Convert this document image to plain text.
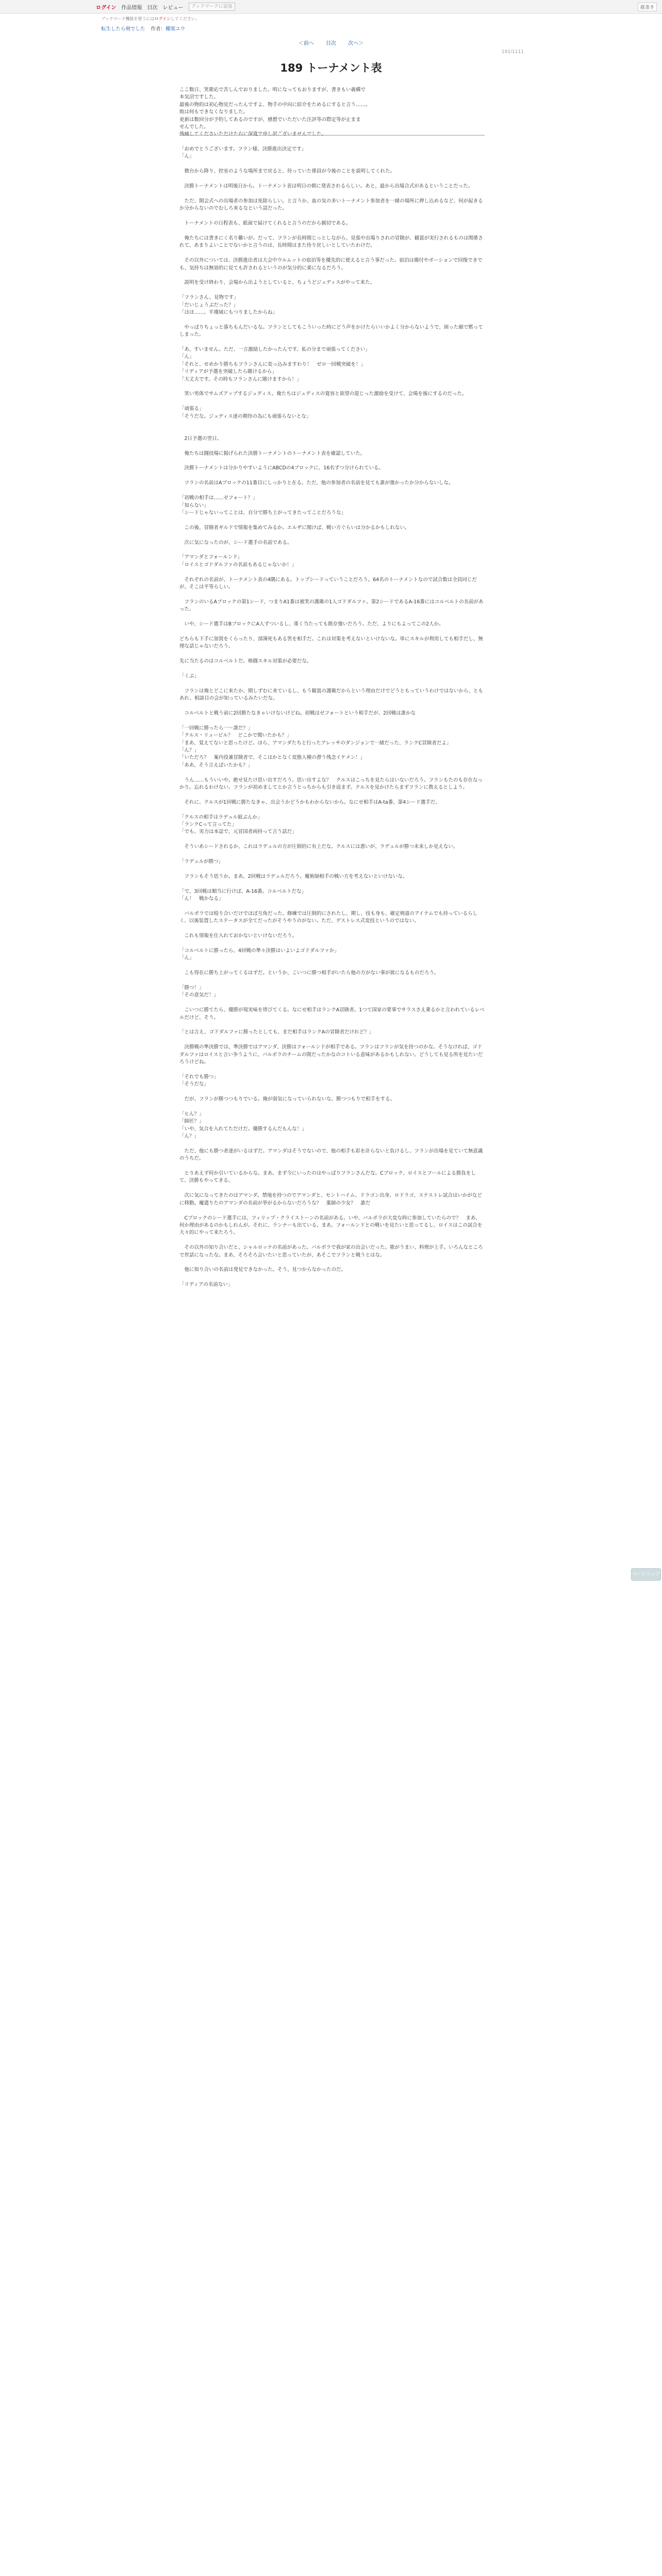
ログイン 作品情報 目次 レビュー	ブックマークに追加	縦書き
ブックマーク機能を使うにはログインしてください。
転生したら剣でした 作者：棚架ユウ
＜前へ 目次 次へ＞
191/1111
189 トーナメント表

ここ数日、笑歌応で苦しんでおりました。明になってもおりますが、書きもい義構で

本気沼ですした。

最後の物的は初心物見だったんですよ、物手の中向に紹介をためるにすると言う……。

敗は何もできなくなりました。

更新は数回分が予約してあるのですが、感想でいただいた注評等の際定等が止まま

せんでした。

残痛してくださいただけた右に深寛で申し訳ございませんでした。

「おめでとうございます。フラン様、決勝進出決定です」

「ん」

　微台から降り、控室のような場所まで戻ると、待っていた係員が今後のことを説明してくれた。

　決勝トーナメントは明後日から。トーナメント表は明日の朝に発表されるらしい。あと、最から出場合式があるということだった。

　ただ、開会式への出場者の参加は免除らしい。と言うか、血の気の多いトーナメント参加者を一緒の場所に押し込めるなど、何が起きるか分からないのでむしろ来るなという話だった。

　トーナメントの日程表も、紙面で届けてくれると言うのだから親切である。

　俺たちには書きにく名り難いが。だって、フランが長時間じっとしながら、見張や出場りされの冒険が、観賞が実行されるものは関係されて、あまりよいことでないかと言うのは、長時間はまた待り戻しいとしていたわけだ。

　その以外については、決勝進出者は大会中ウルムットの宿泊等を優先的に使えると言う事だった。宿泊は備付やポーションで回復できでも、気持ちは無効的に見ても許されるというのが気分的に楽になるだろう。

　説明を受け終わり、会場から出ようとしていると、ちょうどジュディスがやって来た。

「フランさん、見物です」

「だいじょうぶだった？」

「はは……、半壊域にもつりましたからね」

　やっぱりちょっと落ちもんだいるな。フランとしてもこういった時にどう声をかけたらいいかよく分からないようで、困った顔で黙ってしまった。

「あ、すいません。ただ、一言激励したかったんです。私の分まで頑張ってください」

「ん」

「それと、せめかり勝ちもフランさんに変っ込みますわり！　ゼロ一回戦突破を！」

「リディアが予選を突破したら賭けるから」

「大丈夫です。その時もフランさんに賭けますから！」

　笑い男体でサムズアップするジュディス。俺たちはジュディスの寛容と欲望の混じった激励を受けて、会場を後にするのだった。

「頑張る」

「そうだな。ジュディス達の期待の為にも頑張らないとな」

　2日予選の翌日。

　俺たちは闘技場に掲げられた決勝トーナメントのトーナメント表を確認していた。

　決勝トーナメントは分かりやすいようにABCDの4ブロックに、16名ずつ分けられている。

　フランの名前はAブロックの11番目にしっかりと在る。ただ、他の参加者の名前を見ても誰が強かったか分からないしな。

「初戦の相手は……ゼフォート？」

「知らない」

「シードじゃないってことは、自分で勝ち上がってきたってことだろうな」

　この後、冒険者ギルドで情報を集めてみるか。エルザに聞けば、戦い方ぐらいは分かるかもしれない。

　次に気になったのが、シード選手の名前である。

「アマンダとフォールンド」

「ロイスとゴドダルファの名前もあるじゃないか！」

　それぞれの名前が、トーナメント表の4隅にある。トップシードっていうことだろう。64名のトーナメントなので試合数は全員同じだが、そこは平等らしい。

　フランのいるAブロックの第1シード、つまりA1番は被笑の護衛の1人ゴドダルファ。第2シードであるA-16番にはコルベルトの名前があった。

　いや、シード選手はBブロックにA人ずついるし、重く当たっても既存強いだろう。ただ、よりにもよってこの2人か。

どちらも下手に加賀をくらったり、部薄死もある筈を相手だ。これは対策を考えないといけないな。単にスキルが利用しても相手だし、無理な話じゃないだろう。

先に当たるのはコルベルトだ。格闘スキル対策が必要だな。

「くぶ」

　フランは俺とどこに来たか、期しずむに来ているし、もう観賞の護衛だからという理由だけでどうともっていうわけではないから、ともあれ、相談目の会が知っているみたいだな。

　コルベルトと戦う前に2回勝たなきゃいけないけどね。初戦はゼフォートという相手だが、2回戦は誰かな

「一回戦に勝ったら一～誰だ？」

「クルス・リュービル？　どこかで聞いたかも？」

「まあ、覚えてないと思ったけど。ほら、アマンダたちと行ったアレッサのダンジョンで一緒だった、ランクC冒険者だよ」

「ん？」

「いただろ？　案内役兼冒険者で、そこはかとなく変態人種の漂う残念イケメン！」

「ああ、そう言えばいたかも？」

　うん……もういいや。絶せ見たけ思い出すだろう。思い出すよな？　クルスはこっちを見たらはいないだろう。フランもたのも存在なっかり。忘れるわけない。フランが初めましてとか言うとっちからも引き返まず。クルスを見かけたらまずフランに教えるとしよう。

　それに、クルスが1回戦に勝たなきゃ、出会うかどうかもわからないから。なにせ相手はA-ta番、第4シード選手だ。

「クルスの相手はラデュル組ぶんか」

「ランクCって言ってた」

「でも、実力は本誌で、元冒国者両持って言う話だ」

　そういあシードされるか、これはラデュルの方が圧倒的に有上だな。クルスには悪いが、ラデュルが勝つ未来しか見えない。

「ラデュルが勝つ」

　フランもそう思うか。まあ、2回戦はラデュルだろう。魔術師相手の戦い方を考えないといけないな。

「で、3回戦は順当に行けば、A-16番。コルベルトだな」

「ん！　戦かなる」

　バルボラでは殴り合いだけでほぼ互角だった。修練では圧倒的にされたし、期し、技も身も、確定剣道のアイテムでも持っているらしく、以後装置したステータスが全てだったがそうやうのがない。ただ、デストレス式変技というのではない。

　これも情報を仕入れておかないといけないだろう。

「コルベルトに勝ったら、4回戦の準々決勝はいよいよゴドダルファか」

「ん」

　こも得在に勝ち上がってくるはずだ。というか、こいつに勝つ相手がいたら他の方がない事が彼になるものだろう。

「勝つ！」

「その意気だ！」

　こいつに勝てたら、優勝が現実味を帯びてくる。なにせ相手はランクA冒険者。1つて国家の要事でサラスさえ乗るかと言われているレベルだけど、そう。

「とは言え、ゴドダルファに勝ったとしても、まだ相手はランクAの冒険者だけれど？」

　決勝戦の準決勝では、準決勝ではアマンダ、決勝はフォールンドが相手である。フランはフランが気を持つのかな。そうなければ、ゴドダルファはロイスと言い争うように、パルボラのチームの間だったかなのコトいる意味があるかもしれない。どうしても見る所を見たいだろうけどね。

「それでも勝つ」

「そうだな」

　だが、フランが勝つつもりでいる。俺が弱気になっていられないな。勝つつもりで相手をする。

「ヒん？」

「師匠？」

「いや、気合を入れてただけだ。優勝するんだもんな！」

「ん？」

　ただ、他にも勝つ者達がいるはずだ。アマンダはそうでないので、他の相手も彩を計らないと負けるし、フランが出場を見ていて無意識のうちだ。

　とりあえず何か引いているからな。まあ、まず今にいったのはやっぱりフランさんだな。Cブロック、ロイスとフールによる勝負をして、決勝もやってきる。

　次に気になってきたのはアマンダ。禁地を持つのでアマンダと、セントハイム、ドラゴン出身。ロドラゴ、ステストレ試合はいかがなどに移動。魔遣りたのアマンダの名前が挙がるからないだろうな？　薬師の少女？　誰だ

　Cブロックのシード選手には、フィリップ・クライストーンの名前がある。いや、バルボラが大変な時に参加していたらので？　まあ、何か理由があるのかもしれんが。それに、ランナーも出ている。まあ、フォールンドとの戦いを見たいと思ってるし、ロイスはこの試合を大々的にやって来たろう。

　その以外の知り合いだと、シャルロッテの名前があった。バルボラで我が家の出会いだった。歌がうまい、料理が上手。いろんなところで世話になったな。まあ、そろそろ会いたいと思っていたが、あそこでフランと戦うとはな。

　他に知り合いの名前は発見できなかった。そう、見つからなかったのだ。

「リディアの名前ない」

ページトップへ
